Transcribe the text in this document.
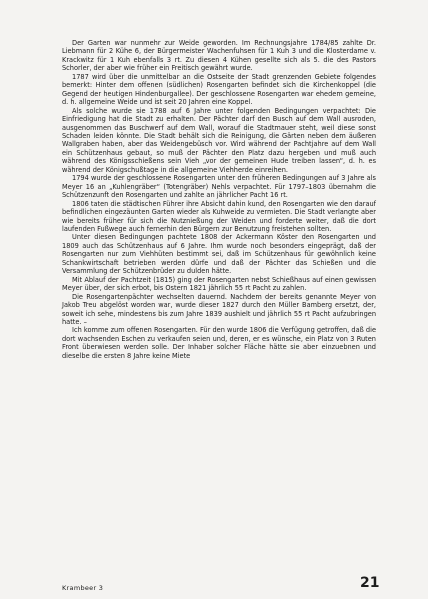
Der Garten war nunmehr zur Weide geworden. Im Rechnungsjahre 1784/85 zahlte Dr. Liebmann für 2 Kühe 6, der Bürgermeister Wachenfuhsen für 1 Kuh 3 und die Klosterdame v. Krackwitz für 1 Kuh ebenfalls 3 rt. Zu diesen 4 Kühen gesellte sich als 5. die des Pastors Schorler, der aber wie früher ein Freitisch gewährt wurde.

1787 wird über die unmittelbar an die Ostseite der Stadt grenzenden Gebiete folgendes bemerkt: Hinter dem offenen (südlichen) Rosengarten befindet sich die Kirchenkoppel (die Gegend der heutigen Hindenburgallee). Der geschlossene Rosengarten war ehedem gemeine, d. h. allgemeine Weide und ist seit 20 Jahren eine Koppel.

Als solche wurde sie 1788 auf 6 Jahre unter folgenden Bedingungen verpachtet: Die Einfriedigung hat die Stadt zu erhalten. Der Pächter darf den Busch auf dem Wall ausroden, ausgenommen das Buschwerf auf dem Wall, worauf die Stadtmauer steht, weil diese sonst Schaden leiden könnte. Die Stadt behält sich die Reinigung, die Gärten neben dem äußeren Wallgraben haben, aber das Weidengebüsch vor. Wird während der Pachtjahre auf dem Wall ein Schützenhaus gebaut, so muß der Pächter den Platz dazu hergeben und muß auch während des Königsschießens sein Vieh „vor der gemeinen Hude treiben lassen“, d. h. es während der Königschußtage in die allgemeine Viehherde einreihen.

1794 wurde der geschlossene Rosengarten unter den früheren Bedingungen auf 3 Jahre als Meyer 16 an „Kuhlengräber“ (Totengräber) Nehls verpachtet. Für 1797–1803 übernahm die Schützenzunft den Rosengarten und zahlte an jährlicher Pacht 16 rt.

1806 taten die städtischen Führer ihre Absicht dahin kund, den Rosengarten wie den darauf befindlichen eingezäunten Garten wieder als Kuhweide zu vermieten. Die Stadt verlangte aber wie bereits früher für sich die Nutznießung der Weiden und forderte weiter, daß die dort laufenden Fußwege auch fernerhin den Bürgern zur Benutzung freistehen sollten.

Unter diesen Bedingungen pachtete 1808 der Ackermann Köster den Rosengarten und 1809 auch das Schützenhaus auf 6 Jahre. Ihm wurde noch besonders eingeprägt, daß der Rosengarten nur zum Viehhüten bestimmt sei, daß im Schützenhaus für gewöhnlich keine Schankwirtschaft betrieben werden dürfe und daß der Pächter das Schießen und die Versammlung der Schützenbrüder zu dulden hätte.

Mit Ablauf der Pachtzeit (1815) ging der Rosengarten nebst Schießhaus auf einen gewissen Meyer über, der sich erbot, bis Ostern 1821 jährlich 55 rt Pacht zu zahlen.

Die Rosengartenpächter wechselten dauernd. Nachdem der bereits genannte Meyer von Jakob Treu abgelöst worden war, wurde dieser 1827 durch den Müller Bamberg ersetzt, der, soweit ich sehe, mindestens bis zum Jahre 1839 aushielt und jährlich 55 rt Pacht aufzubringen hatte. –

Ich komme zum offenen Rosengarten. Für den wurde 1806 die Verfügung getroffen, daß die dort wachsenden Eschen zu verkaufen seien und, deren, er es wünsche, ein Platz von 3 Ruten Front überwiesen werden solle. Der Inhaber solcher Fläche hätte sie aber einzuebnen und dieselbe die ersten 8 Jahre keine Miete

Krambeer 3	21
